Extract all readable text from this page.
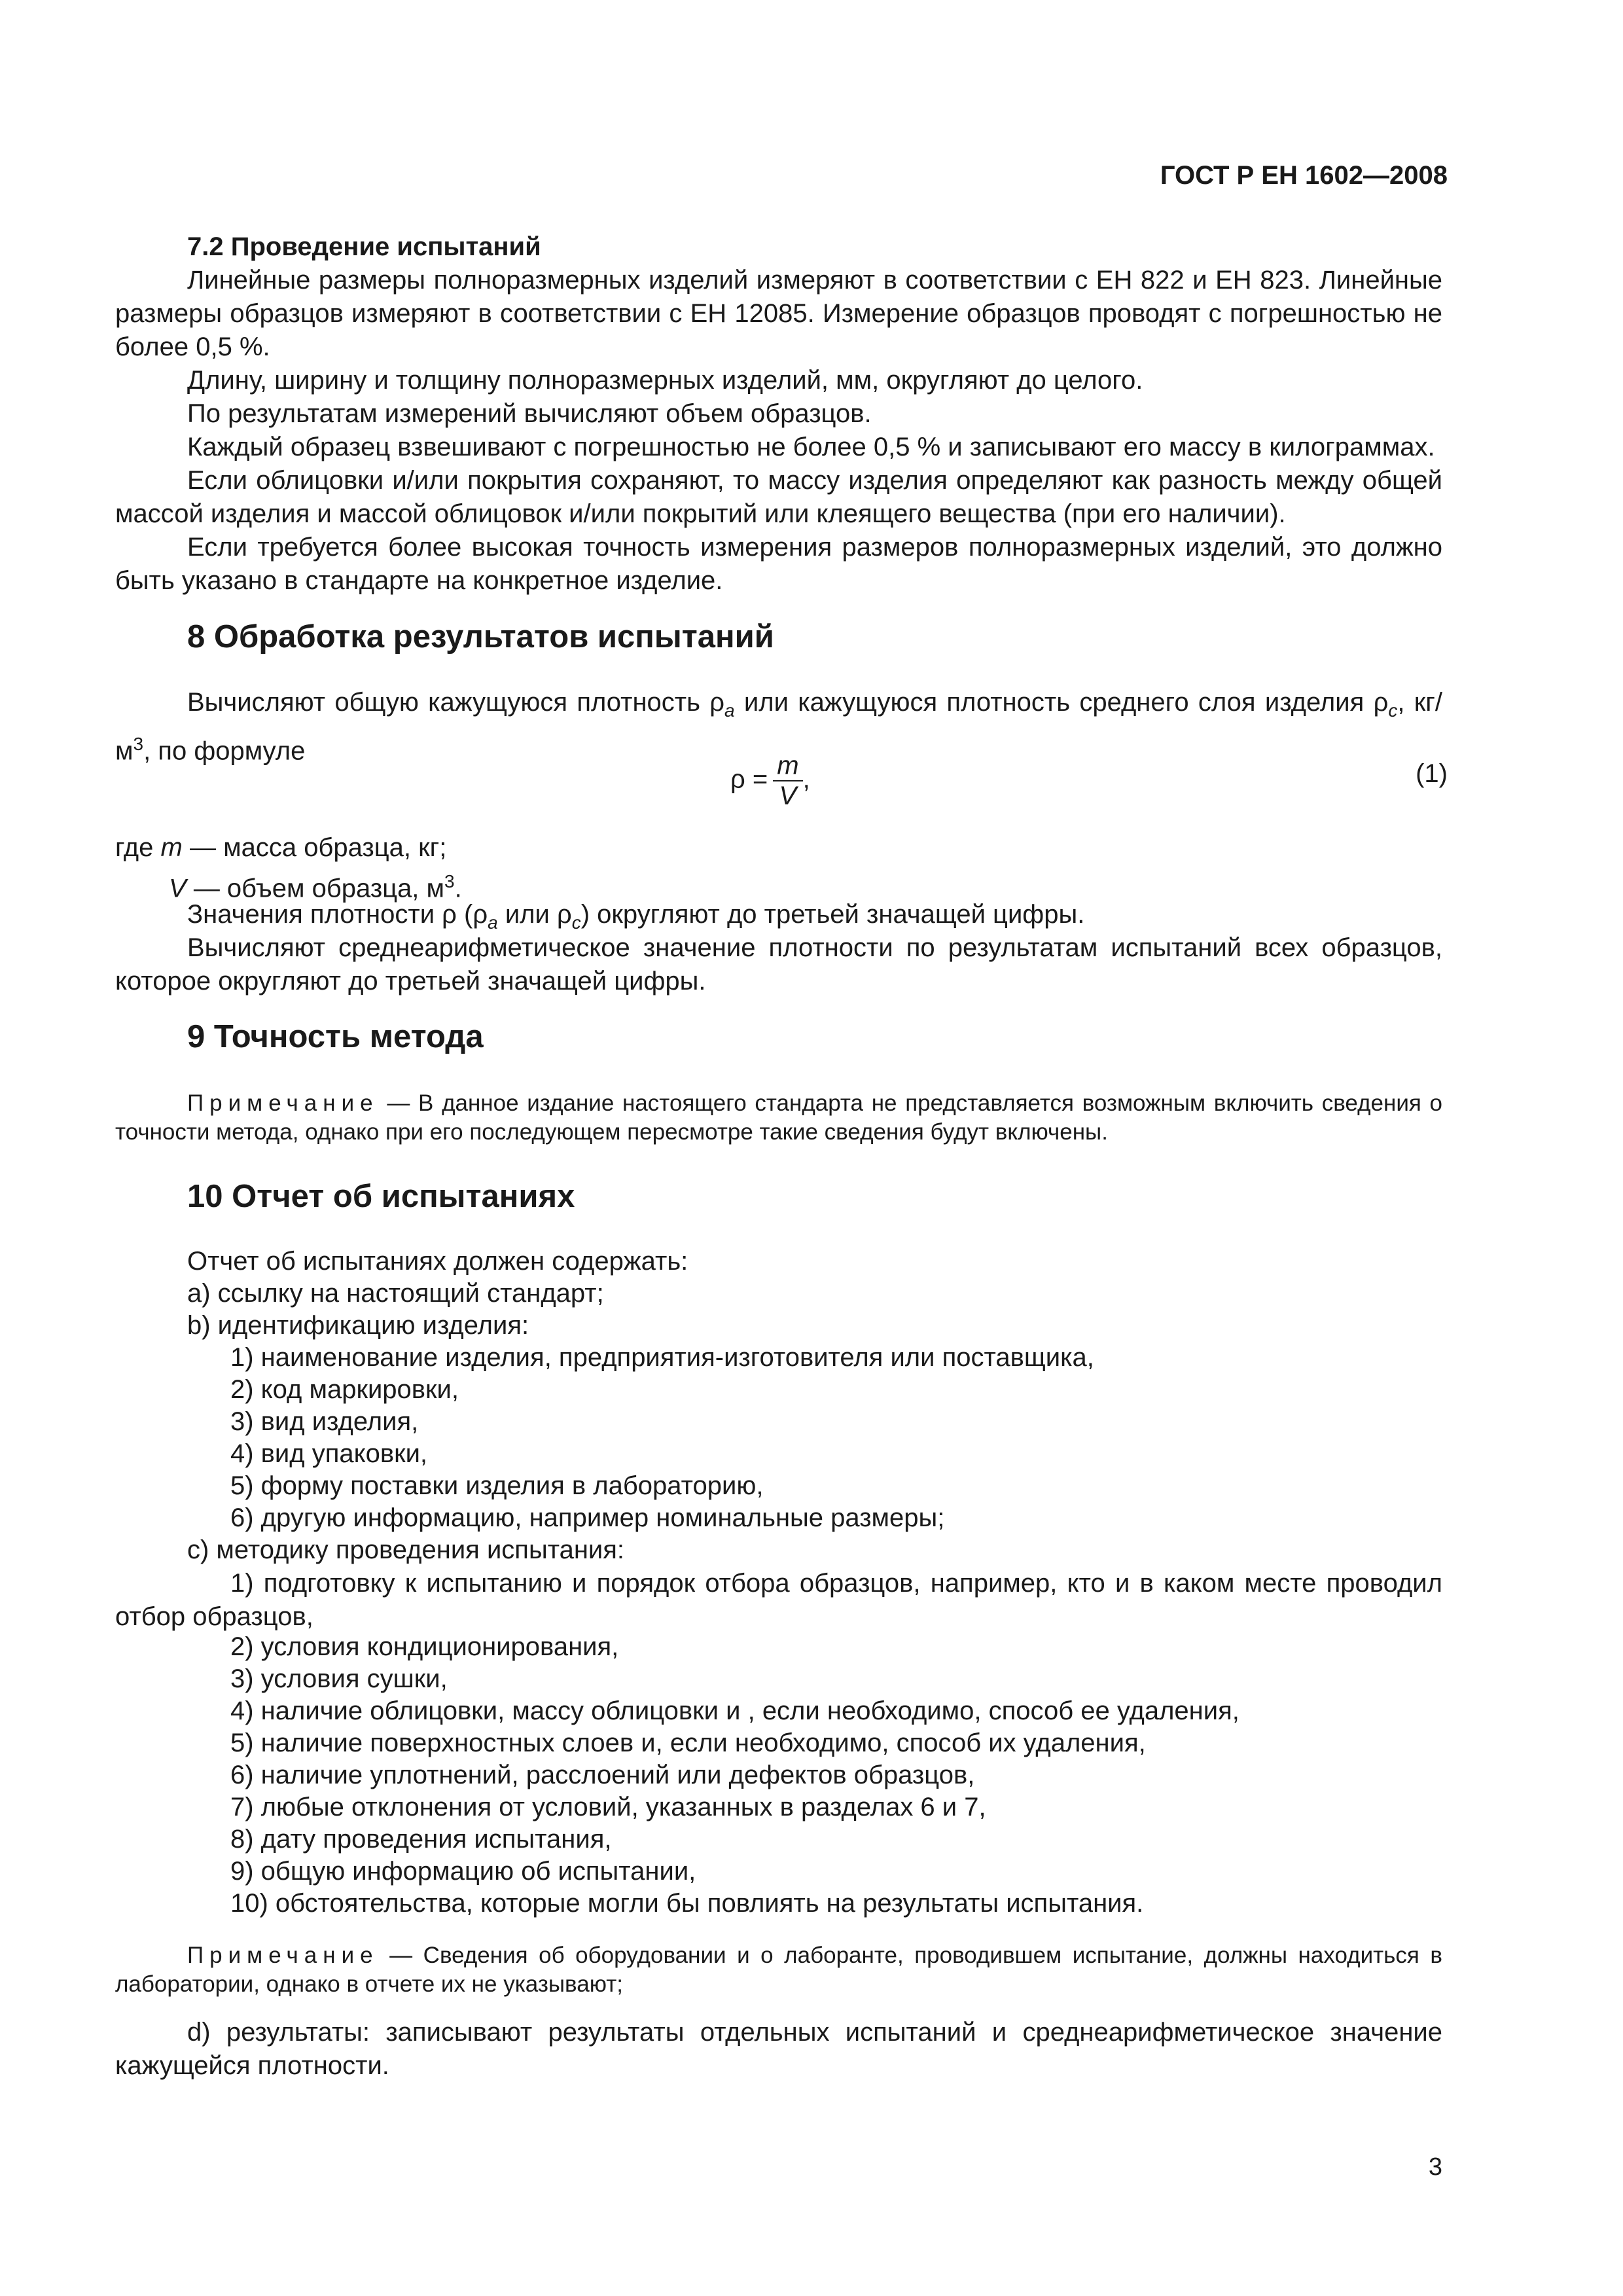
ГОСТ Р ЕН 1602—2008

7.2 Проведение испытаний

Линейные размеры полноразмерных изделий измеряют в соответствии с ЕН 822 и ЕН 823. Линейные размеры образцов измеряют в соответствии с ЕН 12085. Измерение образцов проводят с погрешностью не более 0,5 %.

Длину, ширину и толщину полноразмерных изделий, мм, округляют до целого.

По результатам измерений вычисляют объем образцов.

Каждый образец взвешивают с погрешностью не более 0,5 % и записывают его массу в килограммах.

Если облицовки и/или покрытия сохраняют, то массу изделия определяют как разность между общей массой изделия и массой облицовок и/или покрытий или клеящего вещества (при его наличии).

Если требуется более высокая точность измерения размеров полноразмерных изделий, это должно быть указано в стандарте на конкретное изделие.

8 Обработка результатов испытаний

Вычисляют общую кажущуюся плотность $\rho_a$ или кажущуюся плотность среднего слоя изделия $\rho_c$, $кг/м^3$, по формуле

$\rho = \frac{m}{V}$ ,	(1)

где m — масса образца, кг;

V — объем образца, $м^3$.

Значения плотности ρ ($\rho_a$ или $\rho_c$) округляют до третьей значащей цифры.

Вычисляют среднеарифметическое значение плотности по результатам испытаний всех образцов, которое округляют до третьей значащей цифры.

9 Точность метода

Примечание — В данное издание настоящего стандарта не представляется возможным включить сведения о точности метода, однако при его последующем пересмотре такие сведения будут включены.

10 Отчет об испытаниях
Отчет об испытаниях должен содержать:
а) ссылку на настоящий стандарт;
b) идентификацию изделия:
1) наименование изделия, предприятия-изготовителя или поставщика,
2) код маркировки,
3) вид изделия,
4) вид упаковки,
5) форму поставки изделия в лабораторию,
6) другую информацию, например номинальные размеры;
с) методику проведения испытания:

1) подготовку к испытанию и порядок отбора образцов, например, кто и в каком месте проводил отбор образцов,

2) условия кондиционирования,
3) условия сушки,
4) наличие облицовки, массу облицовки и , если необходимо, способ ее удаления,
5) наличие поверхностных слоев и, если необходимо, способ их удаления,
6) наличие уплотнений, расслоений или дефектов образцов,
7) любые отклонения от условий, указанных в разделах 6 и 7,
8) дату проведения испытания,
9) общую информацию об испытании,
10) обстоятельства, которые могли бы повлиять на результаты испытания.

Примечание — Сведения об оборудовании и о лаборанте, проводившем испытание, должны находиться в лаборатории, однако в отчете их не указывают;

d) результаты: записывают результаты отдельных испытаний и среднеарифметическое значение кажущейся плотности.

3
